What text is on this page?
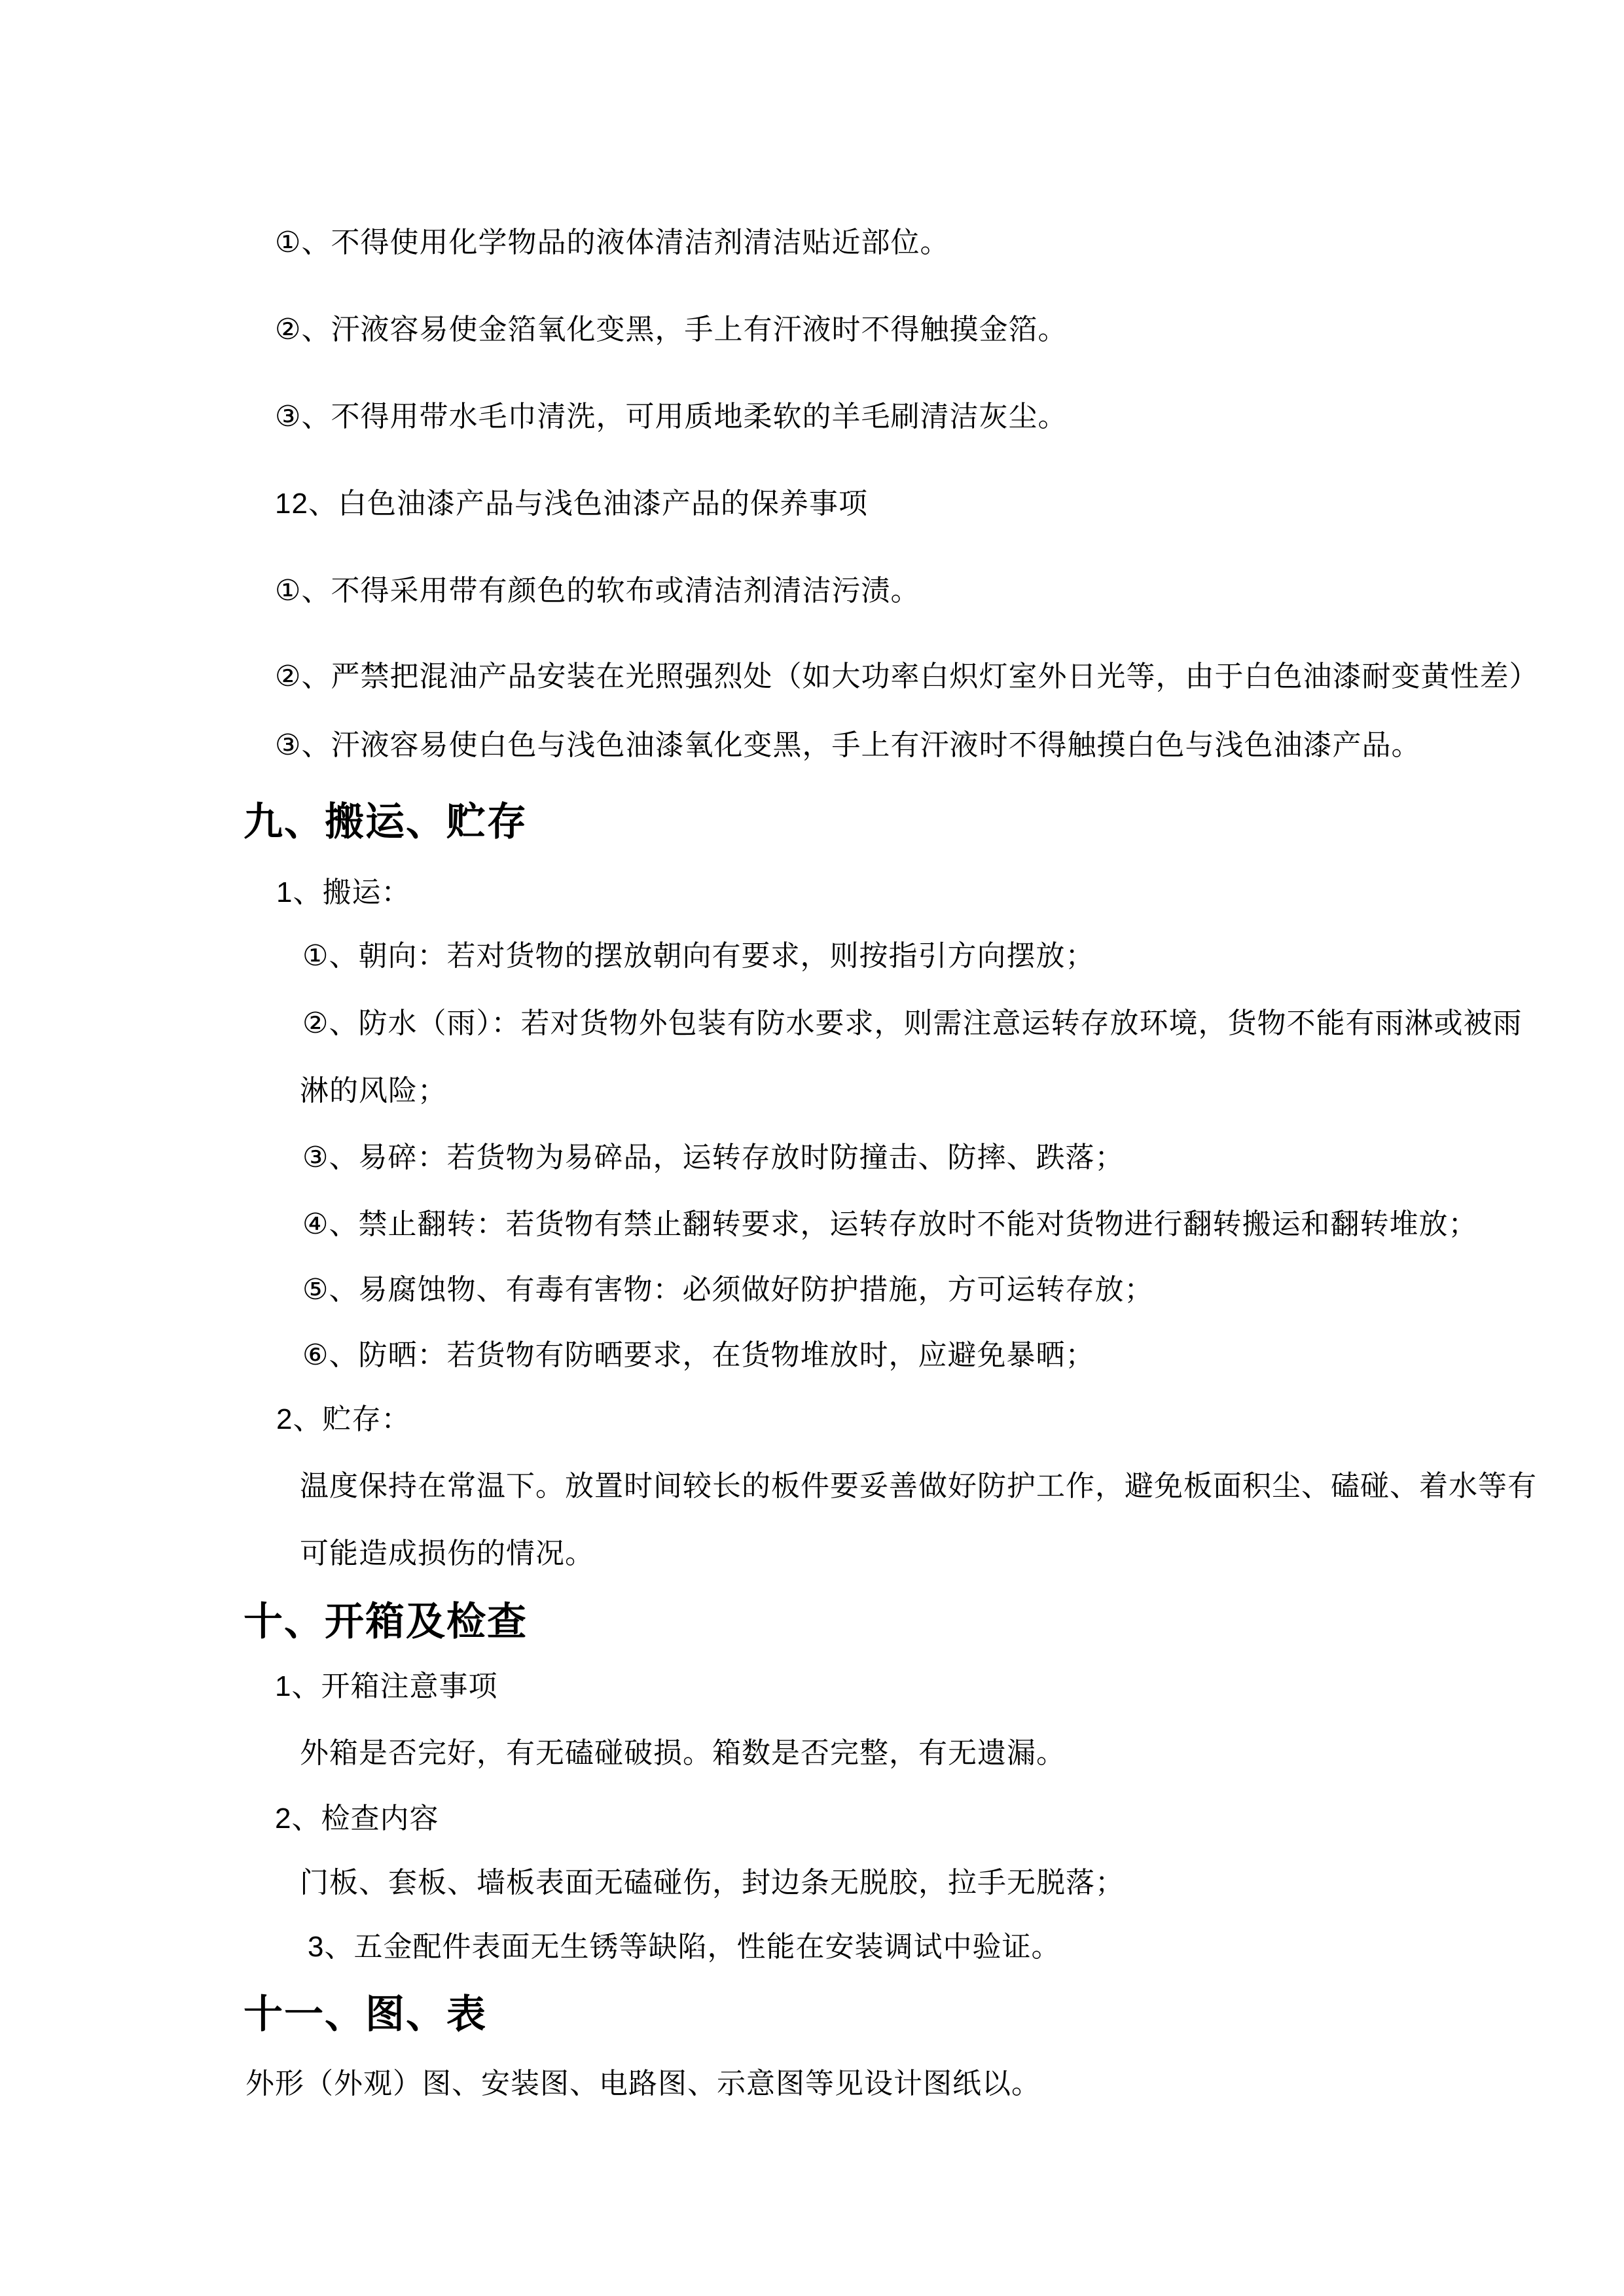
①、不得使用化学物品的液体清洁剂清洁贴近部位。
②、汗液容易使金箔氧化变黑，手上有汗液时不得触摸金箔。
③、不得用带水毛巾清洗，可用质地柔软的羊毛刷清洁灰尘。
12、白色油漆产品与浅色油漆产品的保养事项
①、不得采用带有颜色的软布或清洁剂清洁污渍。
②、严禁把混油产品安装在光照强烈处（如大功率白炽灯室外日光等，由于白色油漆耐变黄性差）
③、汗液容易使白色与浅色油漆氧化变黑，手上有汗液时不得触摸白色与浅色油漆产品。
九、搬运、贮存
1、搬运：
①、朝向：若对货物的摆放朝向有要求，则按指引方向摆放；
②、防水（雨）：若对货物外包装有防水要求，则需注意运转存放环境，货物不能有雨淋或被雨
淋的风险；
③、易碎：若货物为易碎品，运转存放时防撞击、防摔、跌落；
④、禁止翻转：若货物有禁止翻转要求，运转存放时不能对货物进行翻转搬运和翻转堆放；
⑤、易腐蚀物、有毒有害物：必须做好防护措施，方可运转存放；
⑥、防晒：若货物有防晒要求，在货物堆放时，应避免暴晒；
2、贮存：
温度保持在常温下。放置时间较长的板件要妥善做好防护工作，避免板面积尘、磕碰、着水等有
可能造成损伤的情况。
十、开箱及检查
1、开箱注意事项
外箱是否完好，有无磕碰破损。箱数是否完整，有无遗漏。
2、检查内容
门板、套板、墙板表面无磕碰伤，封边条无脱胶，拉手无脱落；
3、五金配件表面无生锈等缺陷，性能在安装调试中验证。
十一、图、表
外形（外观）图、安装图、电路图、示意图等见设计图纸以。
